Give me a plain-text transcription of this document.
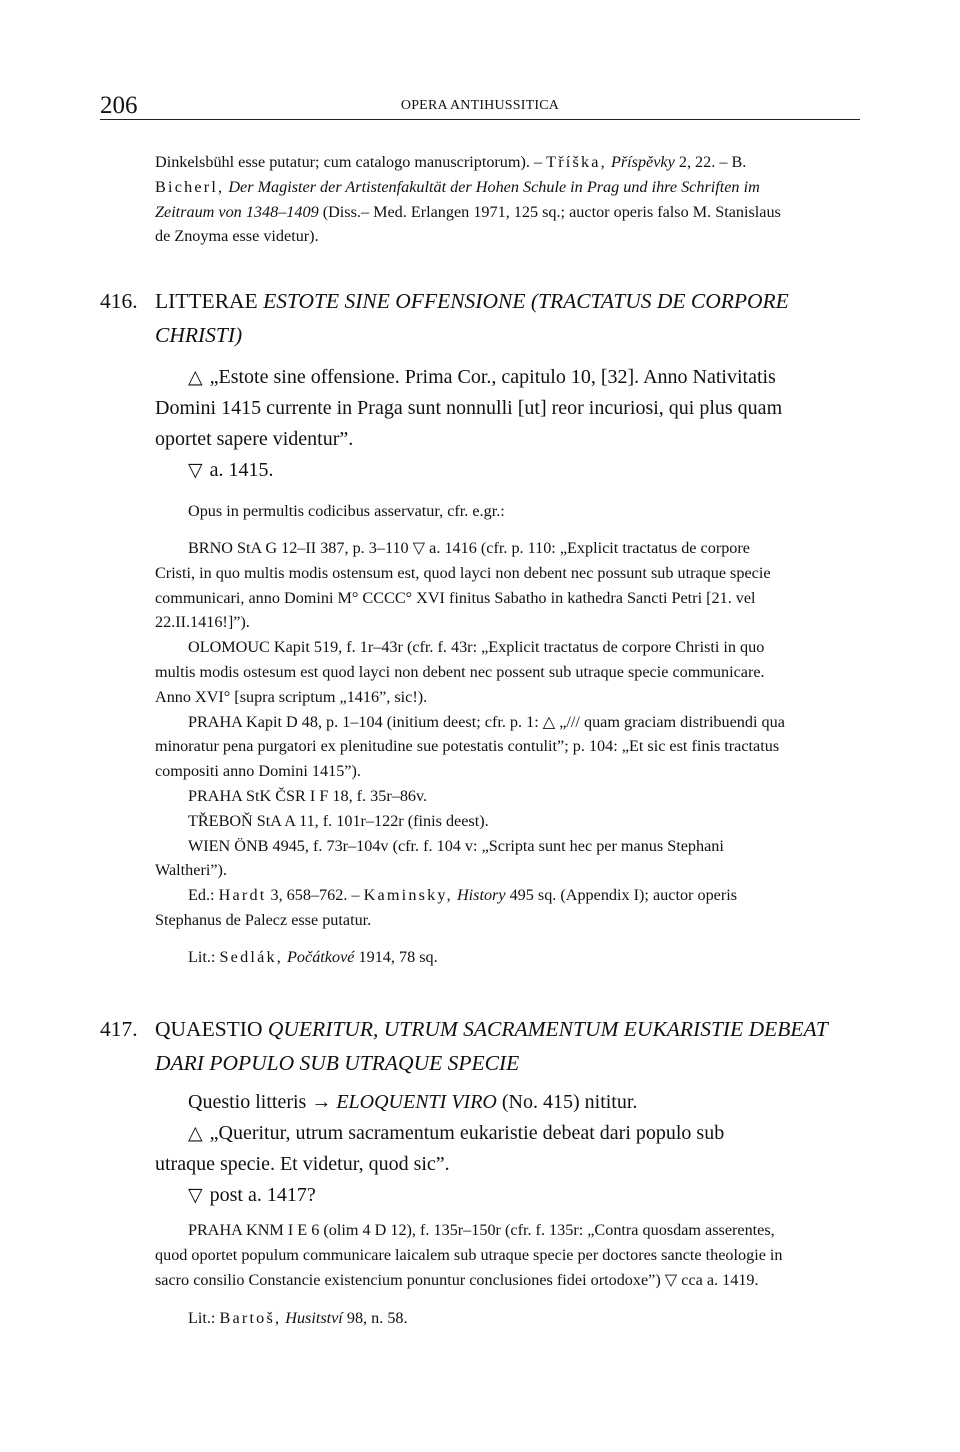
206	OPERA ANTIHUSSITICA
Dinkelsbühl esse putatur; cum catalogo manuscriptorum). – Tříška, Příspěvky 2, 22. – B.
Bicherl, Der Magister der Artistenfakultät der Hohen Schule in Prag und ihre Schriften im
Zeitraum von 1348–1409 (Diss.– Med. Erlangen 1971, 125 sq.; auctor operis falso M. Stanislaus
de Znoyma esse videtur).
416. LITTERAE ESTOTE SINE OFFENSIONE (TRACTATUS DE CORPORE
CHRISTI)
△ „Estote sine offensione. Prima Cor., capitulo 10, [32]. Anno Nativitatis
Domini 1415 currente in Praga sunt nonnulli [ut] reor incuriosi, qui plus quam
oportet sapere videntur”.
▽ a. 1415.
Opus in permultis codicibus asservatur, cfr. e.gr.:
BRNO StA G 12–II 387, p. 3–110 ▽ a. 1416 (cfr. p. 110: „Explicit tractatus de corpore
Cristi, in quo multis modis ostensum est, quod layci non debent nec possunt sub utraque specie
communicari, anno Domini M° CCCC° XVI finitus Sabatho in kathedra Sancti Petri [21. vel
22.II.1416!]”).
OLOMOUC Kapit 519, f. 1r–43r (cfr. f. 43r: „Explicit tractatus de corpore Christi in quo
multis modis ostesum est quod layci non debent nec possent sub utraque specie communicare.
Anno XVI° [supra scriptum „1416”, sic!).
PRAHA Kapit D 48, p. 1–104 (initium deest; cfr. p. 1: △ „/// quam graciam distribuendi qua
minoratur pena purgatori ex plenitudine sue potestatis contulit”; p. 104: „Et sic est finis tractatus
compositi anno Domini 1415”).
PRAHA StK ČSR I F 18, f. 35r–86v.
TŘEBOŇ StA A 11, f. 101r–122r (finis deest).
WIEN ÖNB 4945, f. 73r–104v (cfr. f. 104 v: „Scripta sunt hec per manus Stephani
Waltheri”).
Ed.: Hardt 3, 658–762. – Kaminsky, History 495 sq. (Appendix I); auctor operis
Stephanus de Palecz esse putatur.
Lit.: Sedlák, Počátkové 1914, 78 sq.
417. QUAESTIO QUERITUR, UTRUM SACRAMENTUM EUKARISTIE DEBEAT
DARI POPULO SUB UTRAQUE SPECIE
Questio litteris → ELOQUENTI VIRO (No. 415) nititur.
△ „Queritur, utrum sacramentum eukaristie debeat dari populo sub
utraque specie. Et videtur, quod sic”.
▽ post a. 1417?
PRAHA KNM I E 6 (olim 4 D 12), f. 135r–150r (cfr. f. 135r: „Contra quosdam asserentes,
quod oportet populum communicare laicalem sub utraque specie per doctores sancte theologie in
sacro consilio Constancie existencium ponuntur conclusiones fidei ortodoxe”) ▽ cca a. 1419.
Lit.: Bartoš, Husitství 98, n. 58.
